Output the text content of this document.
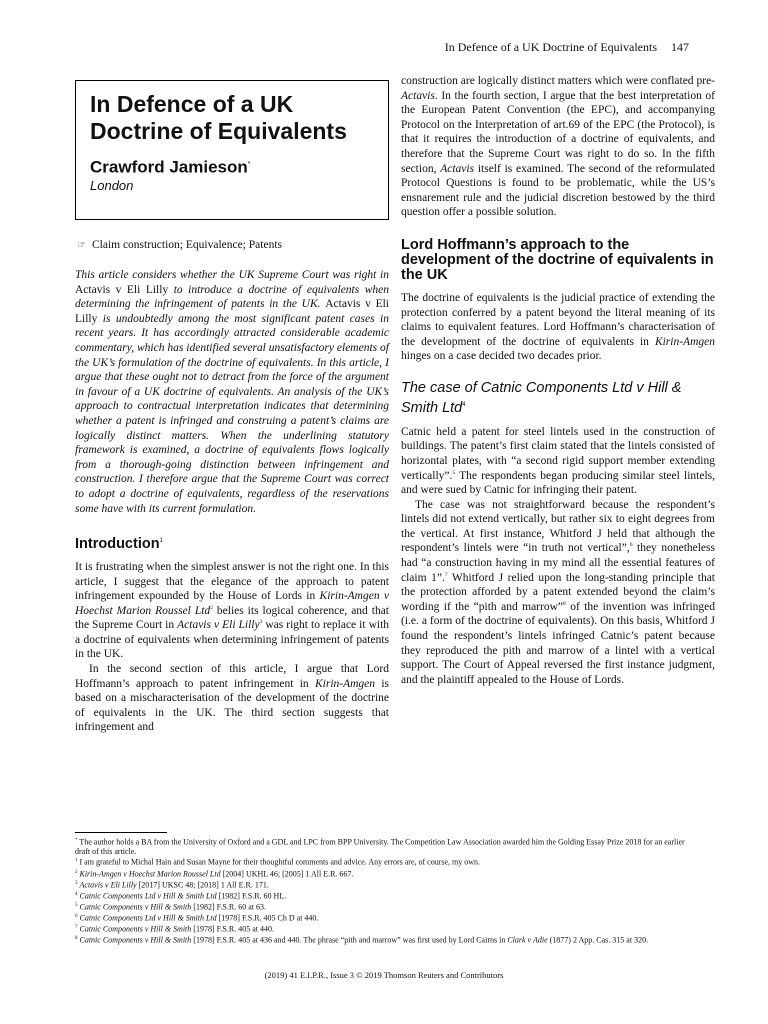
In Defence of a UK Doctrine of Equivalents 147
In Defence of a UK Doctrine of Equivalents
Crawford Jamieson*
London
☞ Claim construction; Equivalence; Patents

This article considers whether the UK Supreme Court was right in Actavis v Eli Lilly to introduce a doctrine of equivalents when determining the infringement of patents in the UK. Actavis v Eli Lilly is undoubtedly among the most significant patent cases in recent years. It has accordingly attracted considerable academic commentary, which has identified several unsatisfactory elements of the UK’s formulation of the doctrine of equivalents. In this article, I argue that these ought not to detract from the force of the argument in favour of a UK doctrine of equivalents. An analysis of the UK’s approach to contractual interpretation indicates that determining whether a patent is infringed and construing a patent’s claims are logically distinct matters. When the underlining statutory framework is examined, a doctrine of equivalents flows logically from a thorough-going distinction between infringement and construction. I therefore argue that the Supreme Court was correct to adopt a doctrine of equivalents, regardless of the reservations some have with its current formulation.

Introduction$^1$

It is frustrating when the simplest answer is not the right one. In this article, I suggest that the elegance of the approach to patent infringement expounded by the House of Lords in Kirin-Amgen v Hoechst Marion Roussel Ltd$^2$ belies its logical coherence, and that the Supreme Court in Actavis v Eli Lilly$^3$ was right to replace it with a doctrine of equivalents when determining infringement of patents in the UK.

In the second section of this article, I argue that Lord Hoffmann’s approach to patent infringement in Kirin-Amgen is based on a mischaracterisation of the development of the doctrine of equivalents in the UK. The third section suggests that infringement and

construction are logically distinct matters which were conflated pre-Actavis. In the fourth section, I argue that the best interpretation of the European Patent Convention (the EPC), and accompanying Protocol on the Interpretation of art.69 of the EPC (the Protocol), is that it requires the introduction of a doctrine of equivalents, and therefore that the Supreme Court was right to do so. In the fifth section, Actavis itself is examined. The second of the reformulated Protocol Questions is found to be problematic, while the US’s ensnarement rule and the judicial discretion bestowed by the third question offer a possible solution.

Lord Hoffmann’s approach to the development of the doctrine of equivalents in the UK

The doctrine of equivalents is the judicial practice of extending the protection conferred by a patent beyond the literal meaning of its claims to equivalent features. Lord Hoffmann’s characterisation of the development of the doctrine of equivalents in Kirin-Amgen hinges on a case decided two decades prior.

The case of Catnic Components Ltd v Hill & Smith Ltd$^4$

Catnic held a patent for steel lintels used in the construction of buildings. The patent’s first claim stated that the lintels consisted of horizontal plates, with “a second rigid support member extending vertically”.$^5$ The respondents began producing similar steel lintels, and were sued by Catnic for infringing their patent.

The case was not straightforward because the respondent’s lintels did not extend vertically, but rather six to eight degrees from the vertical. At first instance, Whitford J held that although the respondent’s lintels were “in truth not vertical”,$^6$ they nonetheless had “a construction having in my mind all the essential features of claim 1”.$^7$ Whitford J relied upon the long-standing principle that the protection afforded by a patent extended beyond the claim’s wording if the “pith and marrow”$^8$ of the invention was infringed (i.e. a form of the doctrine of equivalents). On this basis, Whitford J found the respondent’s lintels infringed Catnic’s patent because they reproduced the pith and marrow of a lintel with a vertical support. The Court of Appeal reversed the first instance judgment, and the plaintiff appealed to the House of Lords.

* The author holds a BA from the University of Oxford and a GDL and LPC from BPP University. The Competition Law Association awarded him the Golding Essay Prize 2018 for an earlier draft of this article.
$^1$ I am grateful to Michal Hain and Susan Mayne for their thoughtful comments and advice. Any errors are, of course, my own.
$^2$ Kirin-Amgen v Hoechst Marion Roussel Ltd [2004] UKHL 46; [2005] 1 All E.R. 667.
$^3$ Actavis v Eli Lilly [2017] UKSC 48; [2018] 1 All E.R. 171.
$^4$ Catnic Components Ltd v Hill & Smith Ltd [1982] F.S.R. 60 HL.
$^5$ Catnic Components v Hill & Smith [1982] F.S.R. 60 at 63.
$^6$ Catnic Components Ltd v Hill & Smith Ltd [1978] F.S.R. 405 Ch D at 440.
$^7$ Catnic Components v Hill & Smith [1978] F.S.R. 405 at 440.
$^8$ Catnic Components v Hill & Smith [1978] F.S.R. 405 at 436 and 440. The phrase “pith and marrow” was first used by Lord Cairns in Clark v Adie (1877) 2 App. Cas. 315 at 320.
(2019) 41 E.I.P.R., Issue 3 © 2019 Thomson Reuters and Contributors
